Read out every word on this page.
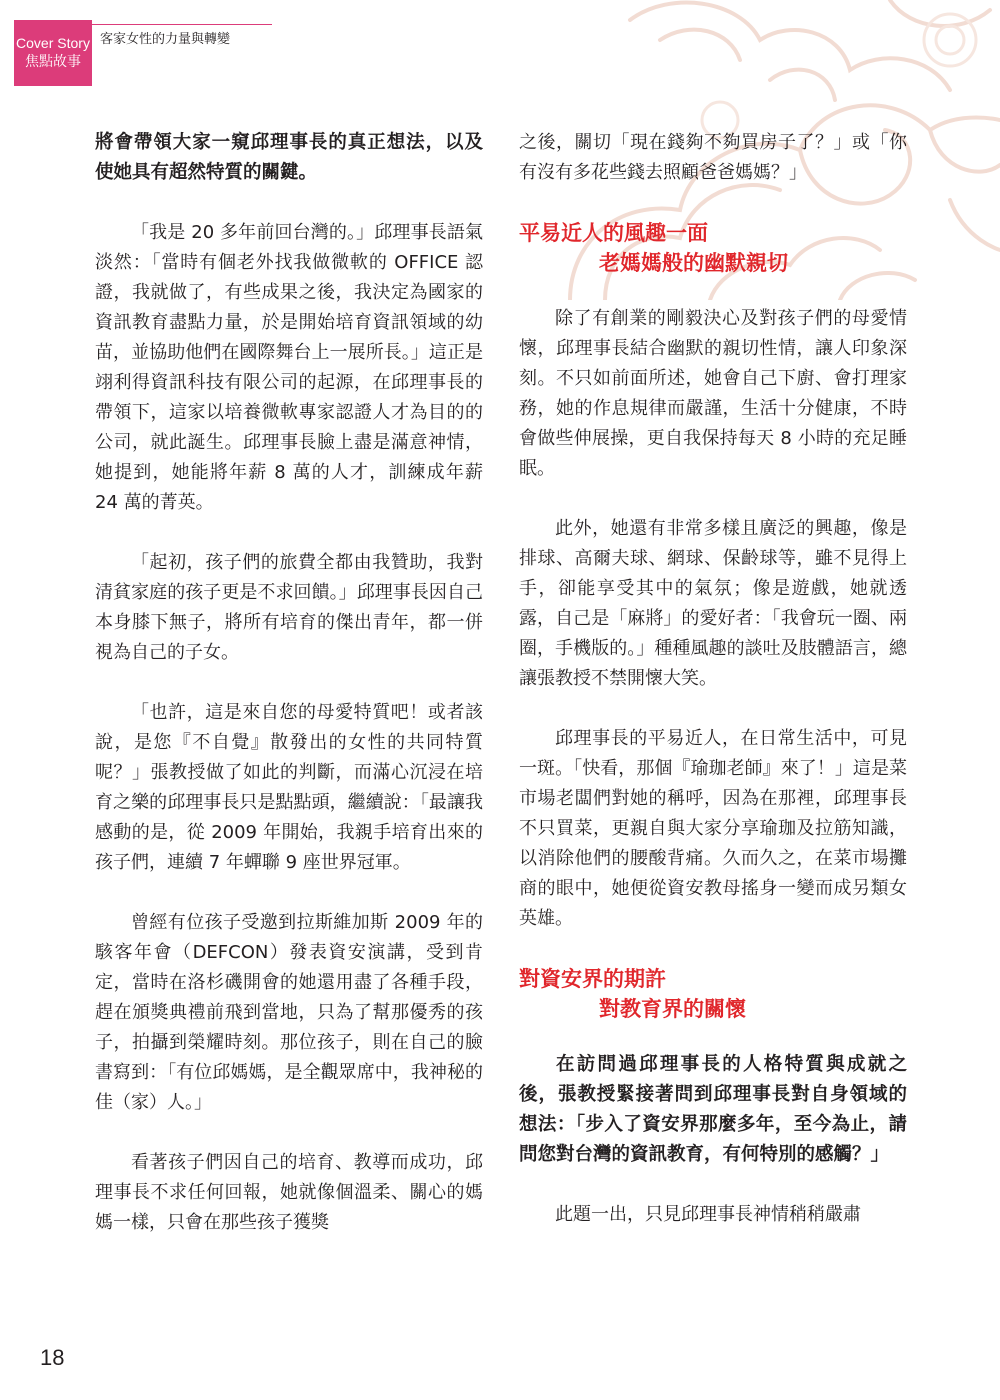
Cover Story
焦點故事
客家女性的力量與轉變

將會帶領大家一窺邱理事長的真正想法，以及使她具有超然特質的關鍵。

「我是 20 多年前回台灣的。」邱理事長語氣淡然：「當時有個老外找我做微軟的 OFFICE 認證，我就做了，有些成果之後，我決定為國家的資訊教育盡點力量，於是開始培育資訊領域的幼苗，並協助他們在國際舞台上一展所長。」這正是翊利得資訊科技有限公司的起源，在邱理事長的帶領下，這家以培養微軟專家認證人才為目的的公司，就此誕生。邱理事長臉上盡是滿意神情，她提到，她能將年薪 8 萬的人才，訓練成年薪 24 萬的菁英。

「起初，孩子們的旅費全都由我贊助，我對清貧家庭的孩子更是不求回饋。」邱理事長因自己本身膝下無子，將所有培育的傑出青年，都一併視為自己的子女。

「也許，這是來自您的母愛特質吧！或者該說，是您『不自覺』散發出的女性的共同特質呢？」張教授做了如此的判斷，而滿心沉浸在培育之樂的邱理事長只是點點頭，繼續說：「最讓我感動的是，從 2009 年開始，我親手培育出來的孩子們，連續 7 年蟬聯 9 座世界冠軍。

曾經有位孩子受邀到拉斯維加斯 2009 年的駭客年會（DEFCON）發表資安演講，受到肯定，當時在洛杉磯開會的她還用盡了各種手段，趕在頒獎典禮前飛到當地，只為了幫那優秀的孩子，拍攝到榮耀時刻。那位孩子，則在自己的臉書寫到：「有位邱媽媽，是全觀眾席中，我神秘的佳（家）人。」

看著孩子們因自己的培育、教導而成功，邱理事長不求任何回報，她就像個溫柔、關心的媽媽一樣，只會在那些孩子獲獎

之後，關切「現在錢夠不夠買房子了？」或「你有沒有多花些錢去照顧爸爸媽媽？」

平易近人的風趣一面
老媽媽般的幽默親切

除了有創業的剛毅決心及對孩子們的母愛情懷，邱理事長結合幽默的親切性情，讓人印象深刻。不只如前面所述，她會自己下廚、會打理家務，她的作息規律而嚴謹，生活十分健康，不時會做些伸展操，更自我保持每天 8 小時的充足睡眠。

此外，她還有非常多樣且廣泛的興趣，像是排球、高爾夫球、網球、保齡球等，雖不見得上手，卻能享受其中的氣氛；像是遊戲，她就透露，自己是「麻將」的愛好者：「我會玩一圈、兩圈，手機版的。」種種風趣的談吐及肢體語言，總讓張教授不禁開懷大笑。

邱理事長的平易近人，在日常生活中，可見一斑。「快看，那個『瑜珈老師』來了！」這是菜市場老闆們對她的稱呼，因為在那裡，邱理事長不只買菜，更親自與大家分享瑜珈及拉筋知識，以消除他們的腰酸背痛。久而久之，在菜市場攤商的眼中，她便從資安教母搖身一變而成另類女英雄。

對資安界的期許
對教育界的關懷

在訪問過邱理事長的人格特質與成就之後，張教授緊接著問到邱理事長對自身領域的想法：「步入了資安界那麼多年，至今為止，請問您對台灣的資訊教育，有何特別的感觸？」

此題一出，只見邱理事長神情稍稍嚴肅

18
